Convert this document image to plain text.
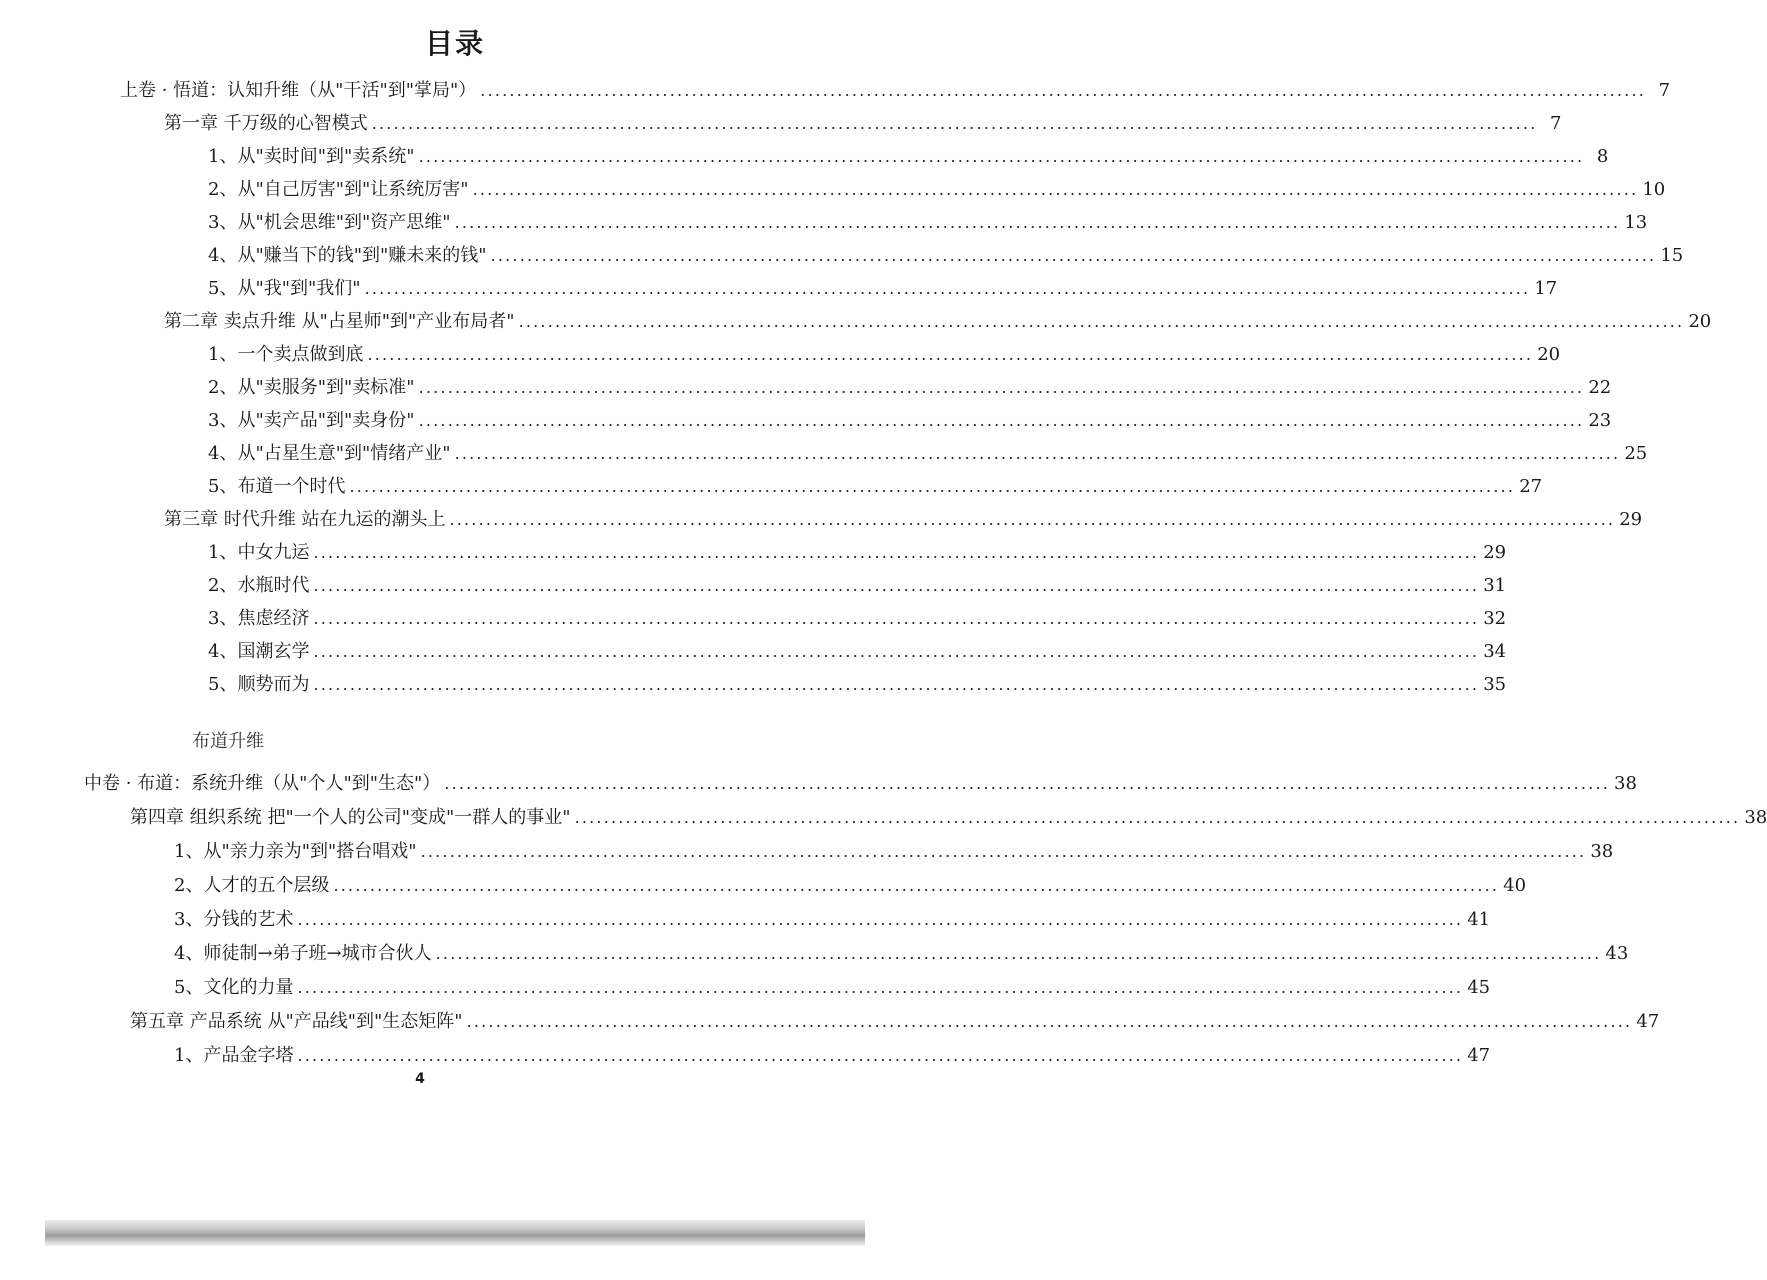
目录
上卷 · 悟道：认知升维（从"干活"到"掌局"） .....	7
第一章 千万级的心智模式 .....	7
1、从"卖时间"到"卖系统" .....	8
2、从"自己厉害"到"让系统厉害" .....	10
3、从"机会思维"到"资产思维" .....	13
4、从"赚当下的钱"到"赚未来的钱" .....	15
5、从"我"到"我们" .....	17
第二章 卖点升维 从"占星师"到"产业布局者" .....	20
1、一个卖点做到底 .....	20
2、从"卖服务"到"卖标准" .....	22
3、从"卖产品"到"卖身份" .....	23
4、从"占星生意"到"情绪产业" .....	25
5、布道一个时代 .....	27
第三章 时代升维 站在九运的潮头上 .....	29
1、中女九运 .....	29
2、水瓶时代 .....	31
3、焦虑经济 .....	32
4、国潮玄学 .....	34
5、顺势而为 .....	35
布道升维
中卷 · 布道：系统升维（从"个人"到"生态"） .....	38
第四章 组织系统 把"一个人的公司"变成"一群人的事业" .....	38
1、从"亲力亲为"到"搭台唱戏" .....	38
2、人才的五个层级 .....	40
3、分钱的艺术 .....	41
4、师徒制→弟子班→城市合伙人 .....	43
5、文化的力量 .....	45
第五章 产品系统 从"产品线"到"生态矩阵" .....	47
1、产品金字塔 .....	47
4
